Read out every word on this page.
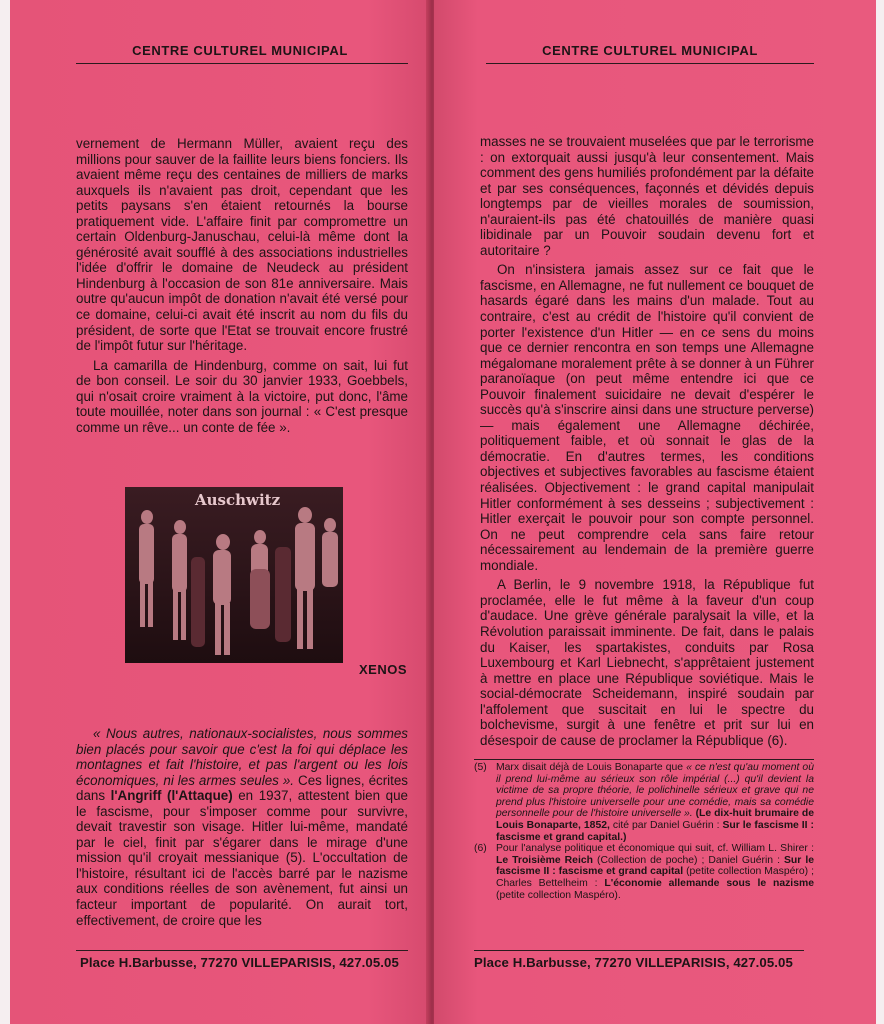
CENTRE CULTUREL MUNICIPAL	CENTRE CULTUREL MUNICIPAL

vernement de Hermann Müller, avaient reçu des millions pour sauver de la faillite leurs biens fonciers. Ils avaient même reçu des centaines de milliers de marks auxquels ils n'avaient pas droit, cependant que les petits paysans s'en étaient retournés la bourse pratiquement vide. L'affaire finit par compromettre un certain Oldenburg-Januschau, celui-là même dont la générosité avait soufflé à des associations industrielles l'idée d'offrir le domaine de Neudeck au président Hindenburg à l'occasion de son 81e anniversaire. Mais outre qu'aucun impôt de donation n'avait été versé pour ce domaine, celui-ci avait été inscrit au nom du fils du président, de sorte que l'Etat se trouvait encore frustré de l'impôt futur sur l'héritage.

La camarilla de Hindenburg, comme on sait, lui fut de bon conseil. Le soir du 30 janvier 1933, Goebbels, qui n'osait croire vraiment à la victoire, put donc, l'âme toute mouillée, noter dans son journal : « C'est presque comme un rêve... un conte de fée ».

Auschwitz
XENOS

« Nous autres, nationaux-socialistes, nous sommes bien placés pour savoir que c'est la foi qui déplace les montagnes et fait l'histoire, et pas l'argent ou les lois économiques, ni les armes seules ». Ces lignes, écrites dans l'Angriff (l'Attaque) en 1937, attestent bien que le fascisme, pour s'imposer comme pour survivre, devait travestir son visage. Hitler lui-même, mandaté par le ciel, finit par s'égarer dans le mirage d'une mission qu'il croyait messianique (5). L'occultation de l'histoire, résultant ici de l'accès barré par le nazisme aux conditions réelles de son avènement, fut ainsi un facteur important de popularité. On aurait tort, effectivement, de croire que les

masses ne se trouvaient muselées que par le terrorisme : on extorquait aussi jusqu'à leur consentement. Mais comment des gens humiliés profondément par la défaite et par ses conséquences, façonnés et dévidés depuis longtemps par de vieilles morales de soumission, n'auraient-ils pas été chatouillés de manière quasi libidinale par un Pouvoir soudain devenu fort et autoritaire ?

On n'insistera jamais assez sur ce fait que le fascisme, en Allemagne, ne fut nullement ce bouquet de hasards égaré dans les mains d'un malade. Tout au contraire, c'est au crédit de l'histoire qu'il convient de porter l'existence d'un Hitler — en ce sens du moins que ce dernier rencontra en son temps une Allemagne mégalomane moralement prête à se donner à un Führer paranoïaque (on peut même entendre ici que ce Pouvoir finalement suicidaire ne devait d'espérer le succès qu'à s'inscrire ainsi dans une structure perverse) — mais également une Allemagne déchirée, politiquement faible, et où sonnait le glas de la démocratie. En d'autres termes, les conditions objectives et subjectives favorables au fascisme étaient réalisées. Objectivement : le grand capital manipulait Hitler conformément à ses desseins ; subjectivement : Hitler exerçait le pouvoir pour son compte personnel. On ne peut comprendre cela sans faire retour nécessairement au lendemain de la première guerre mondiale.

A Berlin, le 9 novembre 1918, la République fut proclamée, elle le fut même à la faveur d'un coup d'audace. Une grève générale paralysait la ville, et la Révolution paraissait imminente. De fait, dans le palais du Kaiser, les spartakistes, conduits par Rosa Luxembourg et Karl Liebnecht, s'apprêtaient justement à mettre en place une République soviétique. Mais le social-démocrate Scheidemann, inspiré soudain par l'affolement que suscitait en lui le spectre du bolchevisme, surgit à une fenêtre et prit sur lui en désespoir de cause de proclamer la République (6).

(5) Marx disait déjà de Louis Bonaparte que « ce n'est qu'au moment où il prend lui-même au sérieux son rôle impérial (...) qu'il devient la victime de sa propre théorie, le polichinelle sérieux et grave qui ne prend plus l'histoire universelle pour une comédie, mais sa comédie personnelle pour de l'histoire universelle ». (Le dix-huit brumaire de Louis Bonaparte, 1852, cité par Daniel Guérin : Sur le fascisme II : fascisme et grand capital.)
(6) Pour l'analyse politique et économique qui suit, cf. William L. Shirer : Le Troisième Reich (Collection de poche) ; Daniel Guérin : Sur le fascisme II : fascisme et grand capital (petite collection Maspéro) ; Charles Bettelheim : L'économie allemande sous le nazisme (petite collection Maspéro).
Place H.Barbusse, 77270 VILLEPARISIS, 427.05.05	Place H.Barbusse, 77270 VILLEPARISIS, 427.05.05
